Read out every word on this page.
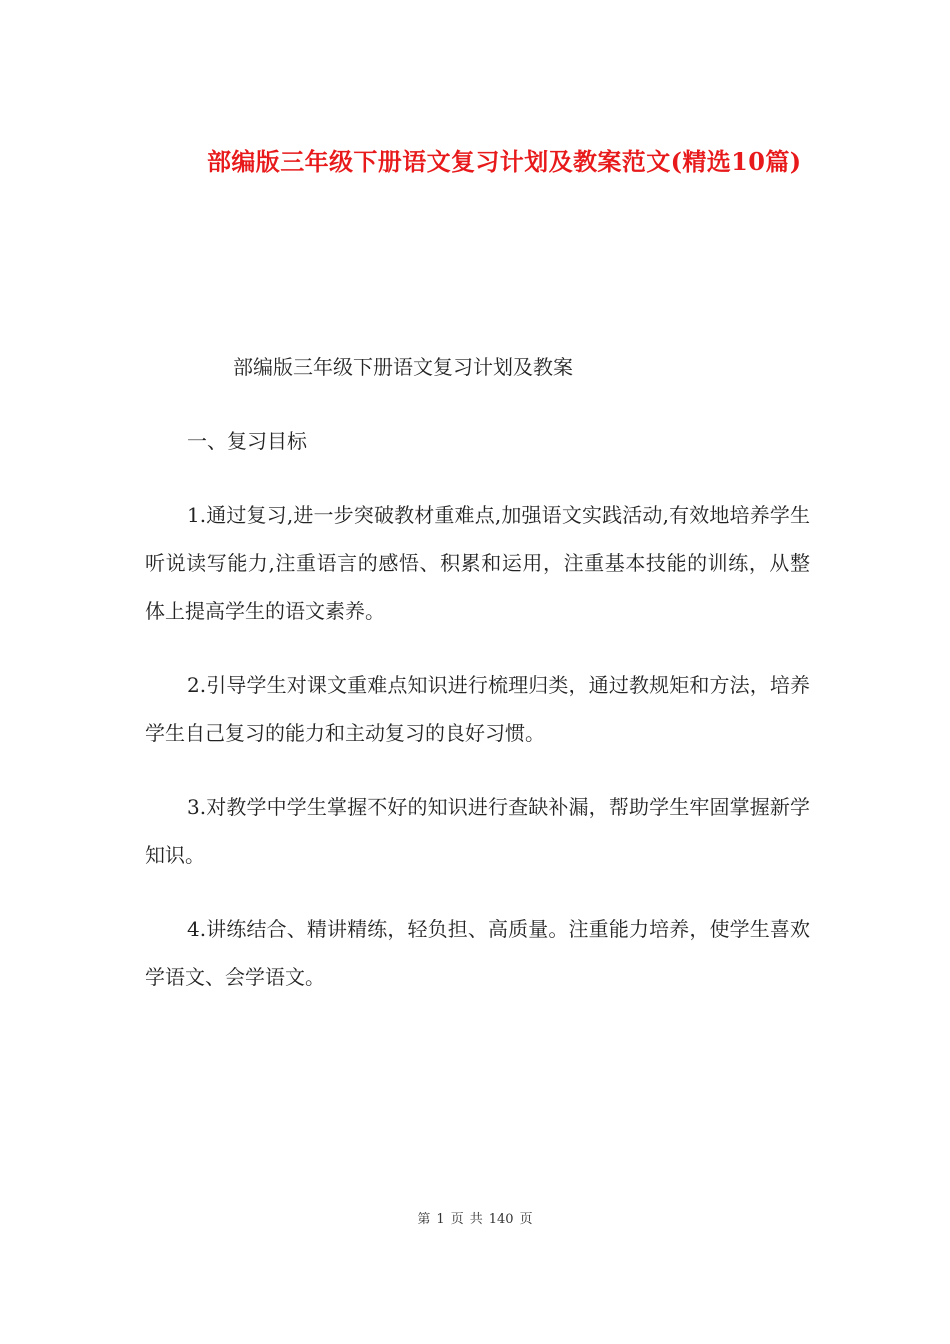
部编版三年级下册语文复习计划及教案范文(精选10篇)

部编版三年级下册语文复习计划及教案

一、复习目标

1.通过复习,进一步突破教材重难点,加强语文实践活动,有效地培养学生听说读写能力,注重语言的感悟、积累和运用，注重基本技能的训练，从整体上提高学生的语文素养。

2.引导学生对课文重难点知识进行梳理归类，通过教规矩和方法，培养学生自己复习的能力和主动复习的良好习惯。

3.对教学中学生掌握不好的知识进行查缺补漏，帮助学生牢固掌握新学知识。

4.讲练结合、精讲精练，轻负担、高质量。注重能力培养，使学生喜欢学语文、会学语文。

第 1 页 共 140 页
